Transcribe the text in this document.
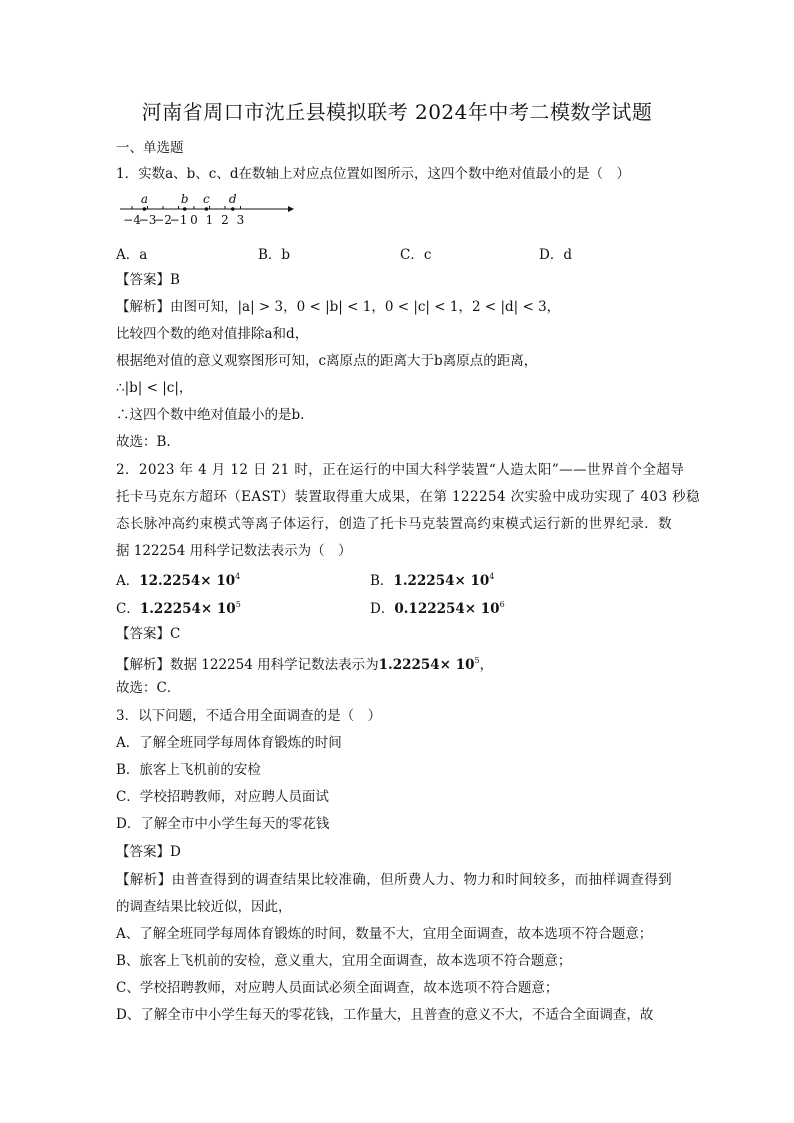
河南省周口市沈丘县模拟联考 2024年中考二模数学试题
一、单选题
1．实数a、b、c、d在数轴上对应点位置如图所示，这四个数中绝对值最小的是（　）
−4
−3
−2
−1 0 1 2 3
a	b c d
A．a	B．b	C．c	D．d
【答案】B
【解析】由图可知，|a| > 3，0 < |b| < 1，0 < |c| < 1，2 < |d| < 3，
比较四个数的绝对值排除a和d，
根据绝对值的意义观察图形可知，c离原点的距离大于b离原点的距离，
∴|b| < |c|，
∴这四个数中绝对值最小的是b.
故选：B.
2．2023 年 4 月 12 日 21 时，正在运行的中国大科学装置“人造太阳”——世界首个全超导
托卡马克东方超环（EAST）装置取得重大成果，在第 122254 次实验中成功实现了 403 秒稳
态长脉冲高约束模式等离子体运行，创造了托卡马克装置高约束模式运行新的世界纪录．数
据 122254 用科学记数法表示为（　）
A．$12.2254\times 10^4$	B．$1.22254\times 10^4$
C．$1.22254\times 10^5$	D．$0.122254\times 10^6$
【答案】C
【解析】数据 122254 用科学记数法表示为$1.22254\times 10^5$，
故选：C．
3．以下问题，不适合用全面调查的是（　）
A．了解全班同学每周体育锻炼的时间
B．旅客上飞机前的安检
C．学校招聘教师，对应聘人员面试
D．了解全市中小学生每天的零花钱
【答案】D
【解析】由普查得到的调查结果比较准确，但所费人力、物力和时间较多，而抽样调查得到
的调查结果比较近似，因此，
A、了解全班同学每周体育锻炼的时间，数量不大，宜用全面调查，故本选项不符合题意；
B、旅客上飞机前的安检，意义重大，宜用全面调查，故本选项不符合题意；
C、学校招聘教师，对应聘人员面试必须全面调查，故本选项不符合题意；
D、了解全市中小学生每天的零花钱，工作量大，且普查的意义不大，不适合全面调查，故
